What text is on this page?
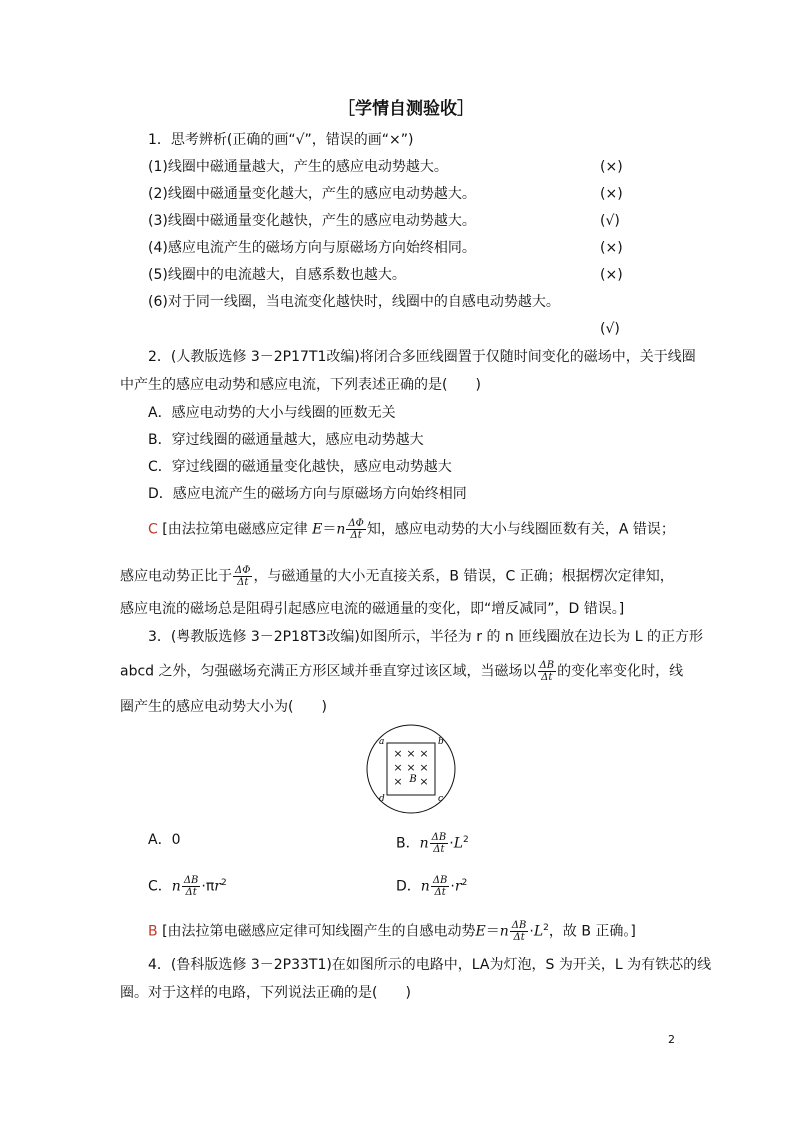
［学情自测验收］
1．思考辨析(正确的画“√”，错误的画“×”)
(1)线圈中磁通量越大，产生的感应电动势越大。	(×)
(2)线圈中磁通量变化越大，产生的感应电动势越大。	(×)
(3)线圈中磁通量变化越快，产生的感应电动势越大。	(√)
(4)感应电流产生的磁场方向与原磁场方向始终相同。	(×)
(5)线圈中的电流越大，自感系数也越大。	(×)
(6)对于同一线圈，当电流变化越快时，线圈中的自感电动势越大。
(√)
2．(人教版选修 3－2P17T1改编)将闭合多匝线圈置于仅随时间变化的磁场中，关于线圈
中产生的感应电动势和感应电流，下列表述正确的是(　　)
A．感应电动势的大小与线圈的匝数无关
B．穿过线圈的磁通量越大，感应电动势越大
C．穿过线圈的磁通量变化越快，感应电动势越大
D．感应电流产生的磁场方向与原磁场方向始终相同
C [由法拉第电磁感应定律 $E=n \frac{\Delta\Phi}{\Delta t}$ 知，感应电动势的大小与线圈匝数有关，A 错误；
感应电动势正比于 $\frac{\Delta\Phi}{\Delta t}$ ，与磁通量的大小无直接关系，B 错误，C 正确；根据楞次定律知，
感应电流的磁场总是阻碍引起感应电流的磁通量的变化，即“增反减同”，D 错误。]
3．(粤教版选修 3－2P18T3改编)如图所示，半径为 r 的 n 匝线圈放在边长为 L 的正方形
abcd 之外，匀强磁场充满正方形区域并垂直穿过该区域，当磁场以 $\frac{\Delta B}{\Delta t}$ 的变化率变化时，线
圈产生的感应电动势大小为(　　)
× × ×
× × ×
× ×
B
a	b
c
d
A．0	B．n $\frac{\Delta B}{\Delta t} \cdot L^2$
C．n $\frac{\Delta B}{\Delta t} \cdot\pi r^2$	D．n $\frac{\Delta B}{\Delta t} \cdot r^2$
B [由法拉第电磁感应定律可知线圈产生的自感电动势$E=n \frac{\Delta B}{\Delta t} \cdot L^2$，故 B 正确。]
4．(鲁科版选修 3－2P33T1)在如图所示的电路中，LA为灯泡，S 为开关，L 为有铁芯的线
圈。对于这样的电路，下列说法正确的是(　　)
2
